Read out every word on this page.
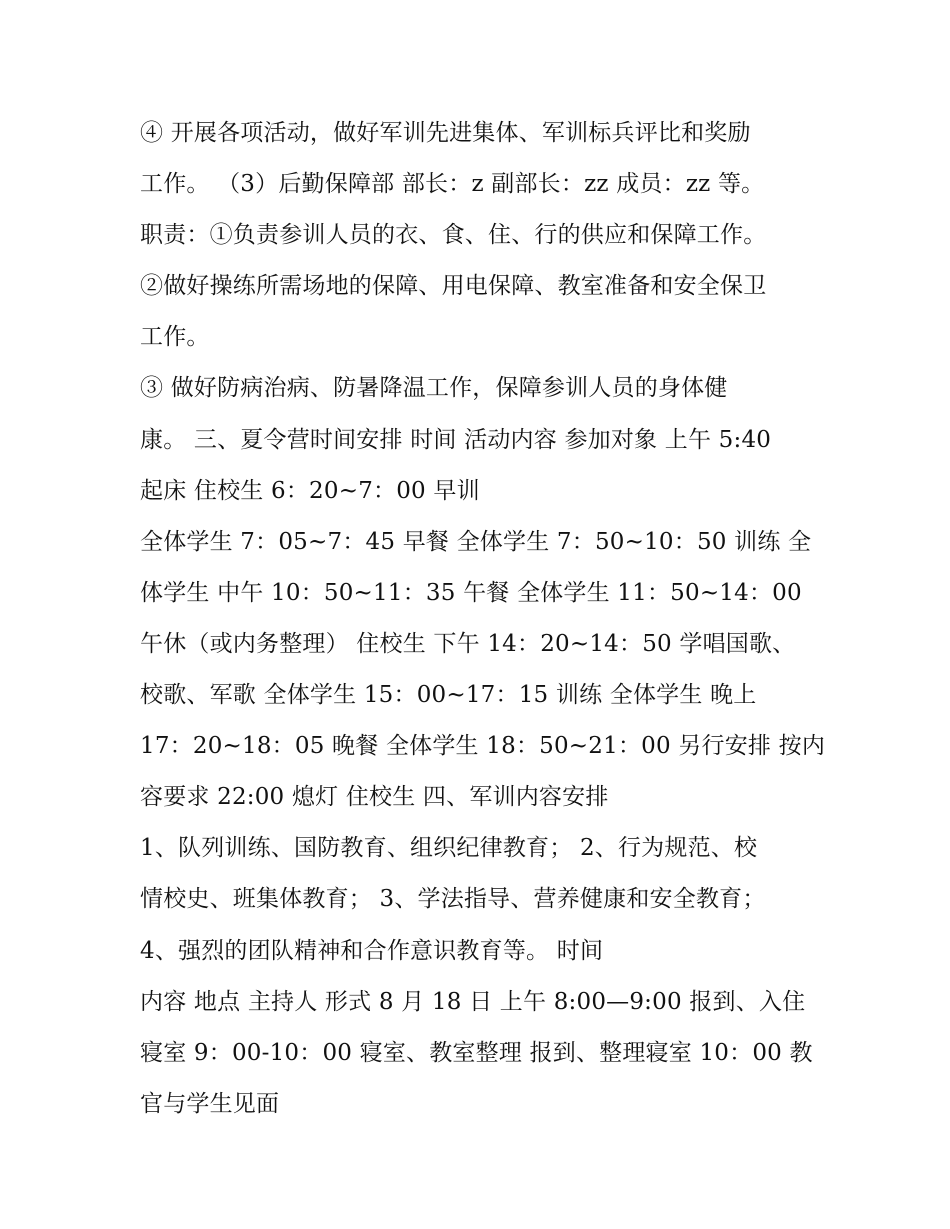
④ 开展各项活动，做好军训先进集体、军训标兵评比和奖励
工作。 （3）后勤保障部 部长：z 副部长：zz 成员：zz 等。
职责：①负责参训人员的衣、食、住、行的供应和保障工作。
②做好操练所需场地的保障、用电保障、教室准备和安全保卫
工作。
③ 做好防病治病、防暑降温工作，保障参训人员的身体健
康。 三、夏令营时间安排 时间 活动内容 参加对象 上午 5:40
起床 住校生 6：20~7：00 早训
全体学生 7：05~7：45 早餐 全体学生 7：50~10：50 训练 全
体学生 中午 10：50~11：35 午餐 全体学生 11：50~14：00
午休（或内务整理） 住校生 下午 14：20~14：50 学唱国歌、
校歌、军歌 全体学生 15：00~17：15 训练 全体学生 晚上
17：20~18：05 晚餐 全体学生 18：50~21：00 另行安排 按内
容要求 22:00 熄灯 住校生 四、军训内容安排
1、队列训练、国防教育、组织纪律教育； 2、行为规范、校
情校史、班集体教育； 3、学法指导、营养健康和安全教育；
4、强烈的团队精神和合作意识教育等。 时间
内容 地点 主持人 形式 8 月 18 日 上午 8:00—9:00 报到、入住
寝室 9：00-10：00 寝室、教室整理 报到、整理寝室 10：00 教
官与学生见面
